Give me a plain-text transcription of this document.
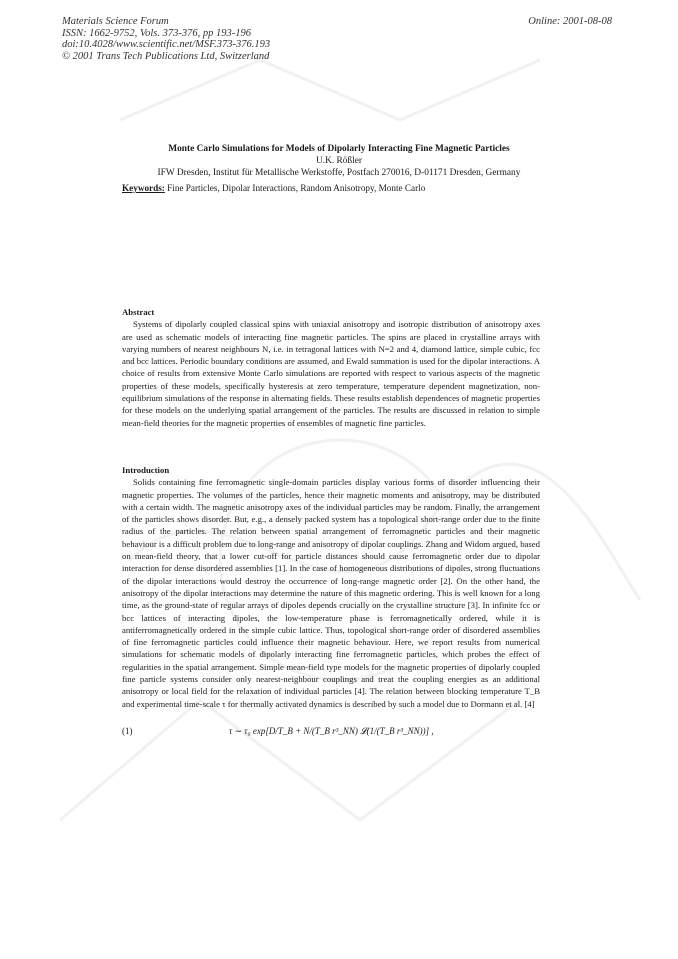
Materials Science Forum
ISSN: 1662-9752, Vols. 373-376, pp 193-196
doi:10.4028/www.scientific.net/MSF.373-376.193
© 2001 Trans Tech Publications Ltd, Switzerland
Online: 2001-08-08
Monte Carlo Simulations for Models of Dipolarly Interacting Fine Magnetic Particles
U.K. Rößler
IFW Dresden, Institut für Metallische Werkstoffe, Postfach 270016, D-01171 Dresden, Germany
Keywords: Fine Particles, Dipolar Interactions, Random Anisotropy, Monte Carlo
Abstract
Systems of dipolarly coupled classical spins with uniaxial anisotropy and isotropic distribution of anisotropy axes are used as schematic models of interacting fine magnetic particles. The spins are placed in crystalline arrays with varying numbers of nearest neighbours N, i.e. in tetragonal lattices with N=2 and 4, diamond lattice, simple cubic, fcc and bcc lattices. Periodic boundary conditions are assumed, and Ewald summation is used for the dipolar interactions. A choice of results from extensive Monte Carlo simulations are reported with respect to various aspects of the magnetic properties of these models, specifically hysteresis at zero temperature, temperature dependent magnetization, non-equilibrium simulations of the response in alternating fields. These results establish dependences of magnetic properties for these models on the underlying spatial arrangement of the particles. The results are discussed in relation to simple mean-field theories for the magnetic properties of ensembles of magnetic fine particles.
Introduction
Solids containing fine ferromagnetic single-domain particles display various forms of disorder influencing their magnetic properties. The volumes of the particles, hence their magnetic moments and anisotropy, may be distributed with a certain width. The magnetic anisotropy axes of the individual particles may be random. Finally, the arrangement of the particles shows disorder. But, e.g., a densely packed system has a topological short-range order due to the finite radius of the particles. The relation between spatial arrangement of ferromagnetic particles and their magnetic behaviour is a difficult problem due to long-range and anisotropy of dipolar couplings. Zhang and Widom argued, based on mean-field theory, that a lower cut-off for particle distances should cause ferromagnetic order due to dipolar interaction for dense disordered assemblies [1]. In the case of homogeneous distributions of dipoles, strong fluctuations of the dipolar interactions would destroy the occurrence of long-range magnetic order [2]. On the other hand, the anisotropy of the dipolar interactions may determine the nature of this magnetic ordering. This is well known for a long time, as the ground-state of regular arrays of dipoles depends crucially on the crystalline structure [3]. In infinite fcc or bcc lattices of interacting dipoles, the low-temperature phase is ferromagnetically ordered, while it is antiferromagnetically ordered in the simple cubic lattice. Thus, topological short-range order of disordered assemblies of fine ferromagnetic particles could influence their magnetic behaviour. Here, we report results from numerical simulations for schematic models of dipolarly interacting fine ferromagnetic particles, which probes the effect of regularities in the spatial arrangement. Simple mean-field type models for the magnetic properties of dipolarly coupled fine particle systems consider only nearest-neighbour couplings and treat the coupling energies as an additional anisotropy or local field for the relaxation of individual particles [4]. The relation between blocking temperature T_B and experimental time-scale τ for thermally activated dynamics is described by such a model due to Dormann et al. [4]
(1)	τ ∼ τ₀ exp[D/T_B + N/(T_B r³_NN) 𝓛(1/(T_B r³_NN))] ,
